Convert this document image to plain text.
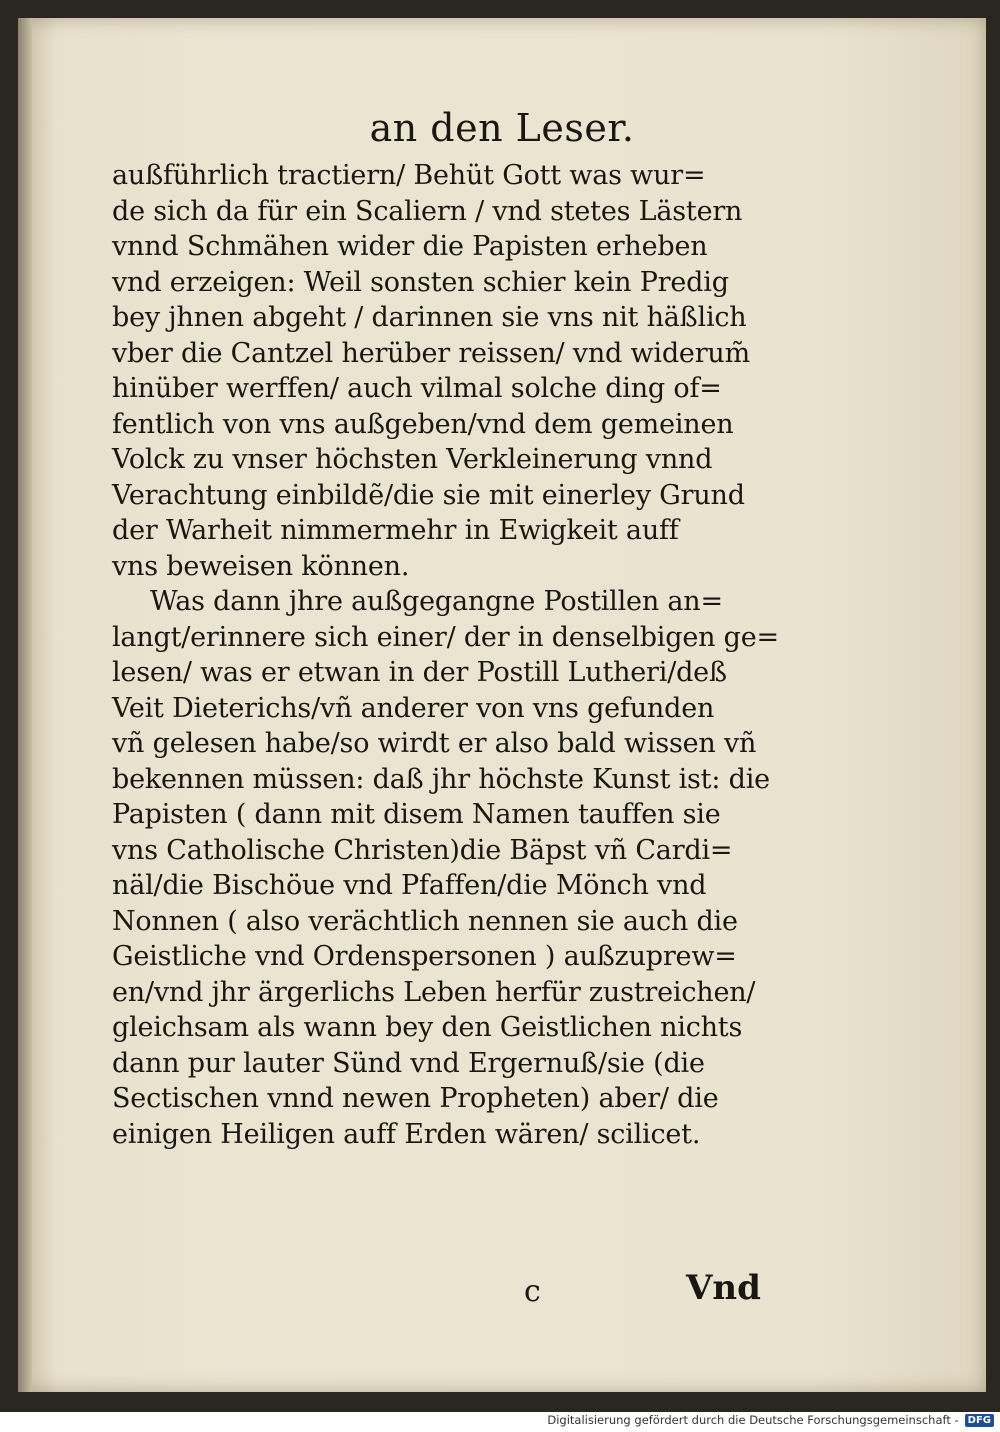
an den Leser.
außführlich tractiern/ Behüt Gott was wur=
de sich da für ein Scaliern / vnd stetes Lästern
vnnd Schmähen wider die Papisten erheben
vnd erzeigen: Weil sonsten schier kein Predig
bey jhnen abgeht / darinnen sie vns nit häßlich
vber die Cantzel herüber reissen/ vnd widerum̃
hinüber werffen/ auch vilmal solche ding of=
fentlich von vns außgeben/vnd dem gemeinen
Volck zu vnser höchsten Verkleinerung vnnd
Verachtung einbildẽ/die sie mit einerley Grund
der Warheit nimmermehr in Ewigkeit auff
vns beweisen können.
Was dann jhre außgegangne Postillen an=
langt/erinnere sich einer/ der in denselbigen ge=
lesen/ was er etwan in der Postill Lutheri/deß
Veit Dieterichs/vñ anderer von vns gefunden
vñ gelesen habe/so wirdt er also bald wissen vñ
bekennen müssen: daß jhr höchste Kunst ist: die
Papisten ( dann mit disem Namen tauffen sie
vns Catholische Christen)die Bäpst vñ Cardi=
näl/die Bischöue vnd Pfaffen/die Mönch vnd
Nonnen ( also verächtlich nennen sie auch die
Geistliche vnd Ordenspersonen ) außzuprew=
en/vnd jhr ärgerlichs Leben herfür zustreichen/
gleichsam als wann bey den Geistlichen nichts
dann pur lauter Sünd vnd Ergernuß/sie (die
Sectischen vnnd newen Propheten) aber/ die
einigen Heiligen auff Erden wären/ scilicet.
c	Vnd
Digitalisierung gefördert durch die Deutsche Forschungsgemeinschaft - DFG
